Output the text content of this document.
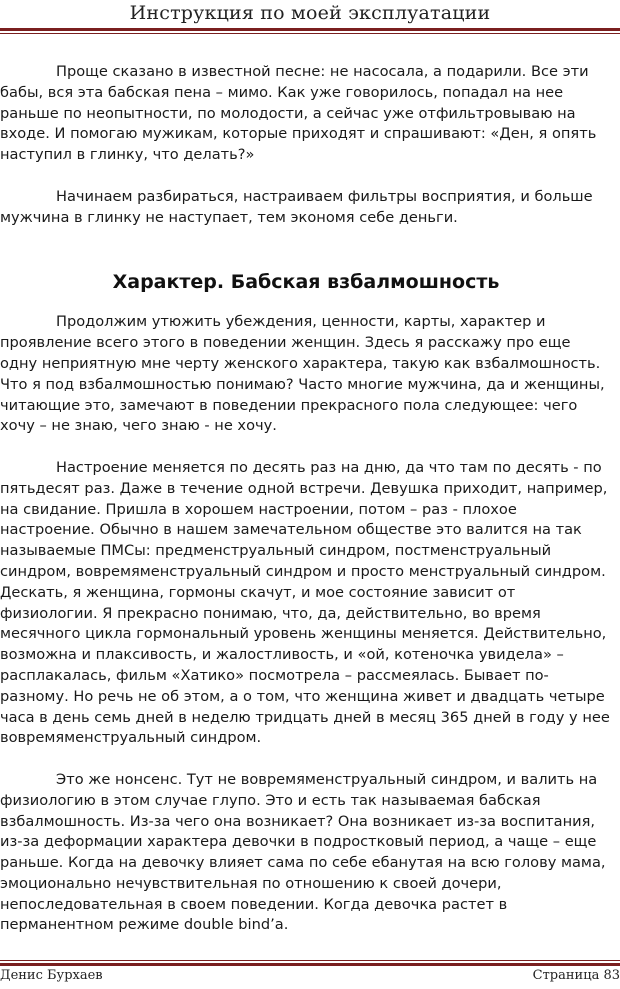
Инструкция по моей эксплуатации

Проще сказано в известной песне: не насосала, а подарили. Все эти бабы, вся эта бабская пена – мимо. Как уже говорилось, попадал на нее раньше по неопытности, по молодости, а сейчас уже отфильтровываю на входе. И помогаю мужикам, которые приходят и спрашивают: «Ден, я опять наступил в глинку, что делать?»

Начинаем разбираться, настраиваем фильтры восприятия, и больше мужчина в глинку не наступает, тем экономя себе деньги.

Характер. Бабская взбалмошность

Продолжим утюжить убеждения, ценности, карты, характер и проявление всего этого в поведении женщин. Здесь я расскажу про еще одну неприятную мне черту женского характера, такую как взбалмошность. Что я под взбалмошностью понимаю? Часто многие мужчина, да и женщины, читающие это, замечают в поведении прекрасного пола следующее: чего хочу – не знаю, чего знаю - не хочу.

Настроение меняется по десять раз на дню, да что там по десять - по пятьдесят раз. Даже в течение одной встречи. Девушка приходит, например, на свидание. Пришла в хорошем настроении, потом – раз - плохое настроение. Обычно в нашем замечательном обществе это валится на так называемые ПМСы: предменструальный синдром, постменструальный синдром, вовремяменструальный синдром и просто менструальный синдром. Дескать, я женщина, гормоны скачут, и мое состояние зависит от физиологии. Я прекрасно понимаю, что, да, действительно, во время месячного цикла гормональный уровень женщины меняется. Действительно, возможна и плаксивость, и жалостливость, и «ой, котеночка увидела» – расплакалась, фильм «Хатико» посмотрела – рассмеялась. Бывает по-разному. Но речь не об этом, а о том, что женщина живет и двадцать четыре часа в день семь дней в неделю тридцать дней в месяц 365 дней в году у нее вовремяменструальный синдром.

Это же нонсенс. Тут не вовремяменструальный синдром, и валить на физиологию в этом случае глупо. Это и есть так называемая бабская взбалмошность. Из-за чего она возникает? Она возникает из-за воспитания, из-за деформации характера девочки в подростковый период, а чаще – еще раньше. Когда на девочку влияет сама по себе ебанутая на всю голову мама, эмоционально нечувствительная по отношению к своей дочери, непоследовательная в своем поведении. Когда девочка растет в перманентном режиме double bind’a.

Денис Бурхаев	Страница 83
